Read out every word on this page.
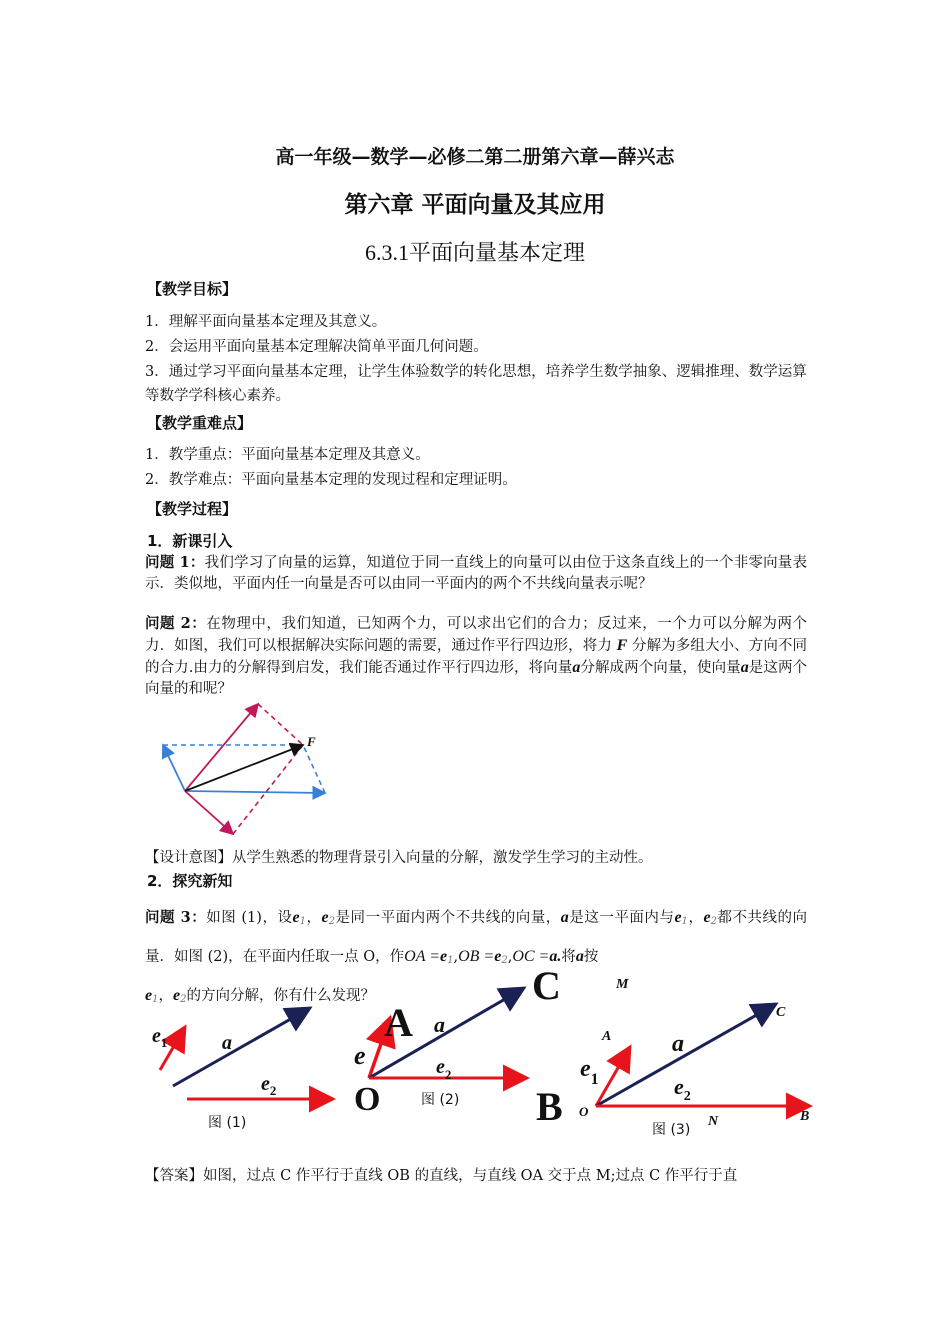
高一年级—数学—必修二第二册第六章—薛兴志
第六章 平面向量及其应用
6.3.1平面向量基本定理
【教学目标】
1．理解平面向量基本定理及其意义。
2．会运用平面向量基本定理解决简单平面几何问题。
3．通过学习平面向量基本定理，让学生体验数学的转化思想，培养学生数学抽象、逻辑推理、数学运算等数学学科核心素养。
【教学重难点】
1．教学重点：平面向量基本定理及其意义。
2．教学难点：平面向量基本定理的发现过程和定理证明。
【教学过程】
1．新课引入
问题 1：我们学习了向量的运算，知道位于同一直线上的向量可以由位于这条直线上的一个非零向量表示．类似地，平面内任一向量是否可以由同一平面内的两个不共线向量表示呢？
问题 2：在物理中，我们知道，已知两个力，可以求出它们的合力；反过来，一个力可以分解为两个力．如图，我们可以根据解决实际问题的需要，通过作平行四边形，将力 F 分解为多组大小、方向不同的合力.由力的分解得到启发，我们能否通过作平行四边形，将向量a分解成两个向量，使向量a是这两个向量的和呢？
F
【设计意图】从学生熟悉的物理背景引入向量的分解，激发学生学习的主动性。
2．探究新知
问题 3：如图 (1)，设$e_1$，$e_2$是同一平面内两个不共线的向量，a是这一平面内与$e_1$，$e_2$都不共线的向量．如图 (2)，在平面内任取一点 O，作OA $=e_1,OB =e_2,OC =a$.将a按
$e_1$，$e_2$的方向分解，你有什么发现？
$e_1$	a
$e_2$
图 (1)
C
A a
e	$e_2$
O	图 (2) B
M
C
A	a
$e_1$	$e_2$
O
N	B
图 (3)
【答案】如图，过点 C 作平行于直线 OB 的直线，与直线 OA 交于点 M;过点 C 作平行于直
